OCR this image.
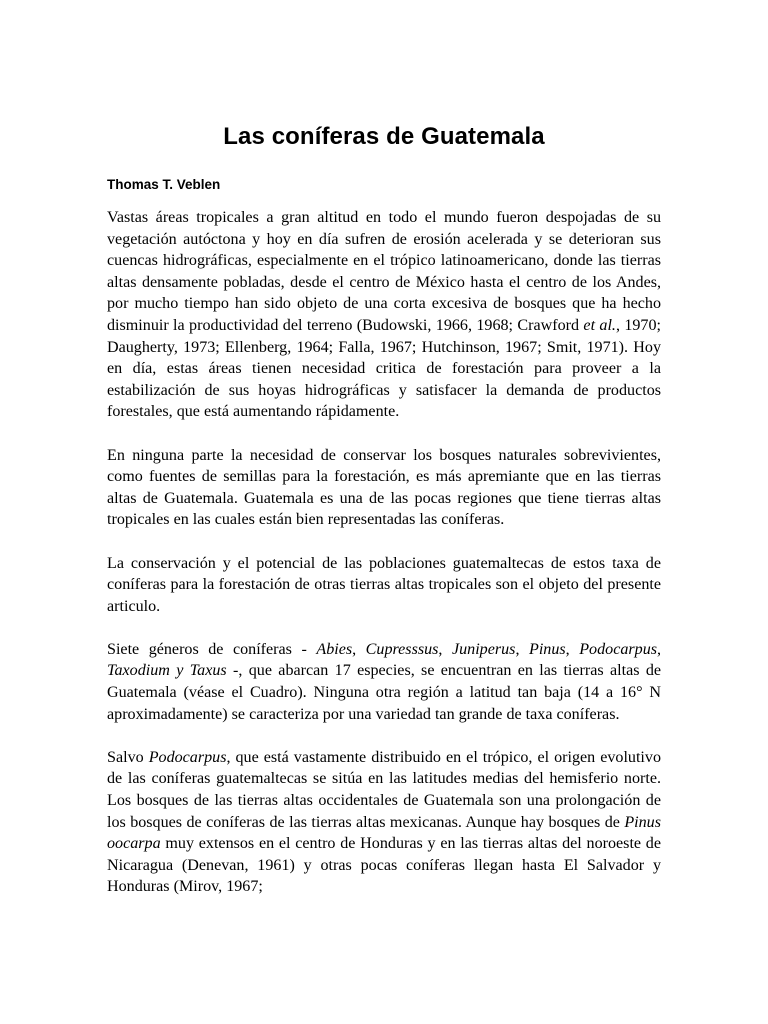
Las coníferas de Guatemala

Thomas T. Veblen

Vastas áreas tropicales a gran altitud en todo el mundo fueron despojadas de su vegetación autóctona y hoy en día sufren de erosión acelerada y se deterioran sus cuencas hidrográficas, especialmente en el trópico latinoamericano, donde las tierras altas densamente pobladas, desde el centro de México hasta el centro de los Andes, por mucho tiempo han sido objeto de una corta excesiva de bosques que ha hecho disminuir la productividad del terreno (Budowski, 1966, 1968; Crawford et al., 1970; Daugherty, 1973; Ellenberg, 1964; Falla, 1967; Hutchinson, 1967; Smit, 1971). Hoy en día, estas áreas tienen necesidad critica de forestación para proveer a la estabilización de sus hoyas hidrográficas y satisfacer la demanda de productos forestales, que está aumentando rápidamente.

En ninguna parte la necesidad de conservar los bosques naturales sobrevivientes, como fuentes de semillas para la forestación, es más apremiante que en las tierras altas de Guatemala. Guatemala es una de las pocas regiones que tiene tierras altas tropicales en las cuales están bien representadas las coníferas.

La conservación y el potencial de las poblaciones guatemaltecas de estos taxa de coníferas para la forestación de otras tierras altas tropicales son el objeto del presente articulo.

Siete géneros de coníferas - Abies, Cupresssus, Juniperus, Pinus, Podocarpus, Taxodium y Taxus -, que abarcan 17 especies, se encuentran en las tierras altas de Guatemala (véase el Cuadro). Ninguna otra región a latitud tan baja (14 a 16° N aproximadamente) se caracteriza por una variedad tan grande de taxa coníferas.

Salvo Podocarpus, que está vastamente distribuido en el trópico, el origen evolutivo de las coníferas guatemaltecas se sitúa en las latitudes medias del hemisferio norte. Los bosques de las tierras altas occidentales de Guatemala son una prolongación de los bosques de coníferas de las tierras altas mexicanas. Aunque hay bosques de Pinus oocarpa muy extensos en el centro de Honduras y en las tierras altas del noroeste de Nicaragua (Denevan, 1961) y otras pocas coníferas llegan hasta El Salvador y Honduras (Mirov, 1967;
